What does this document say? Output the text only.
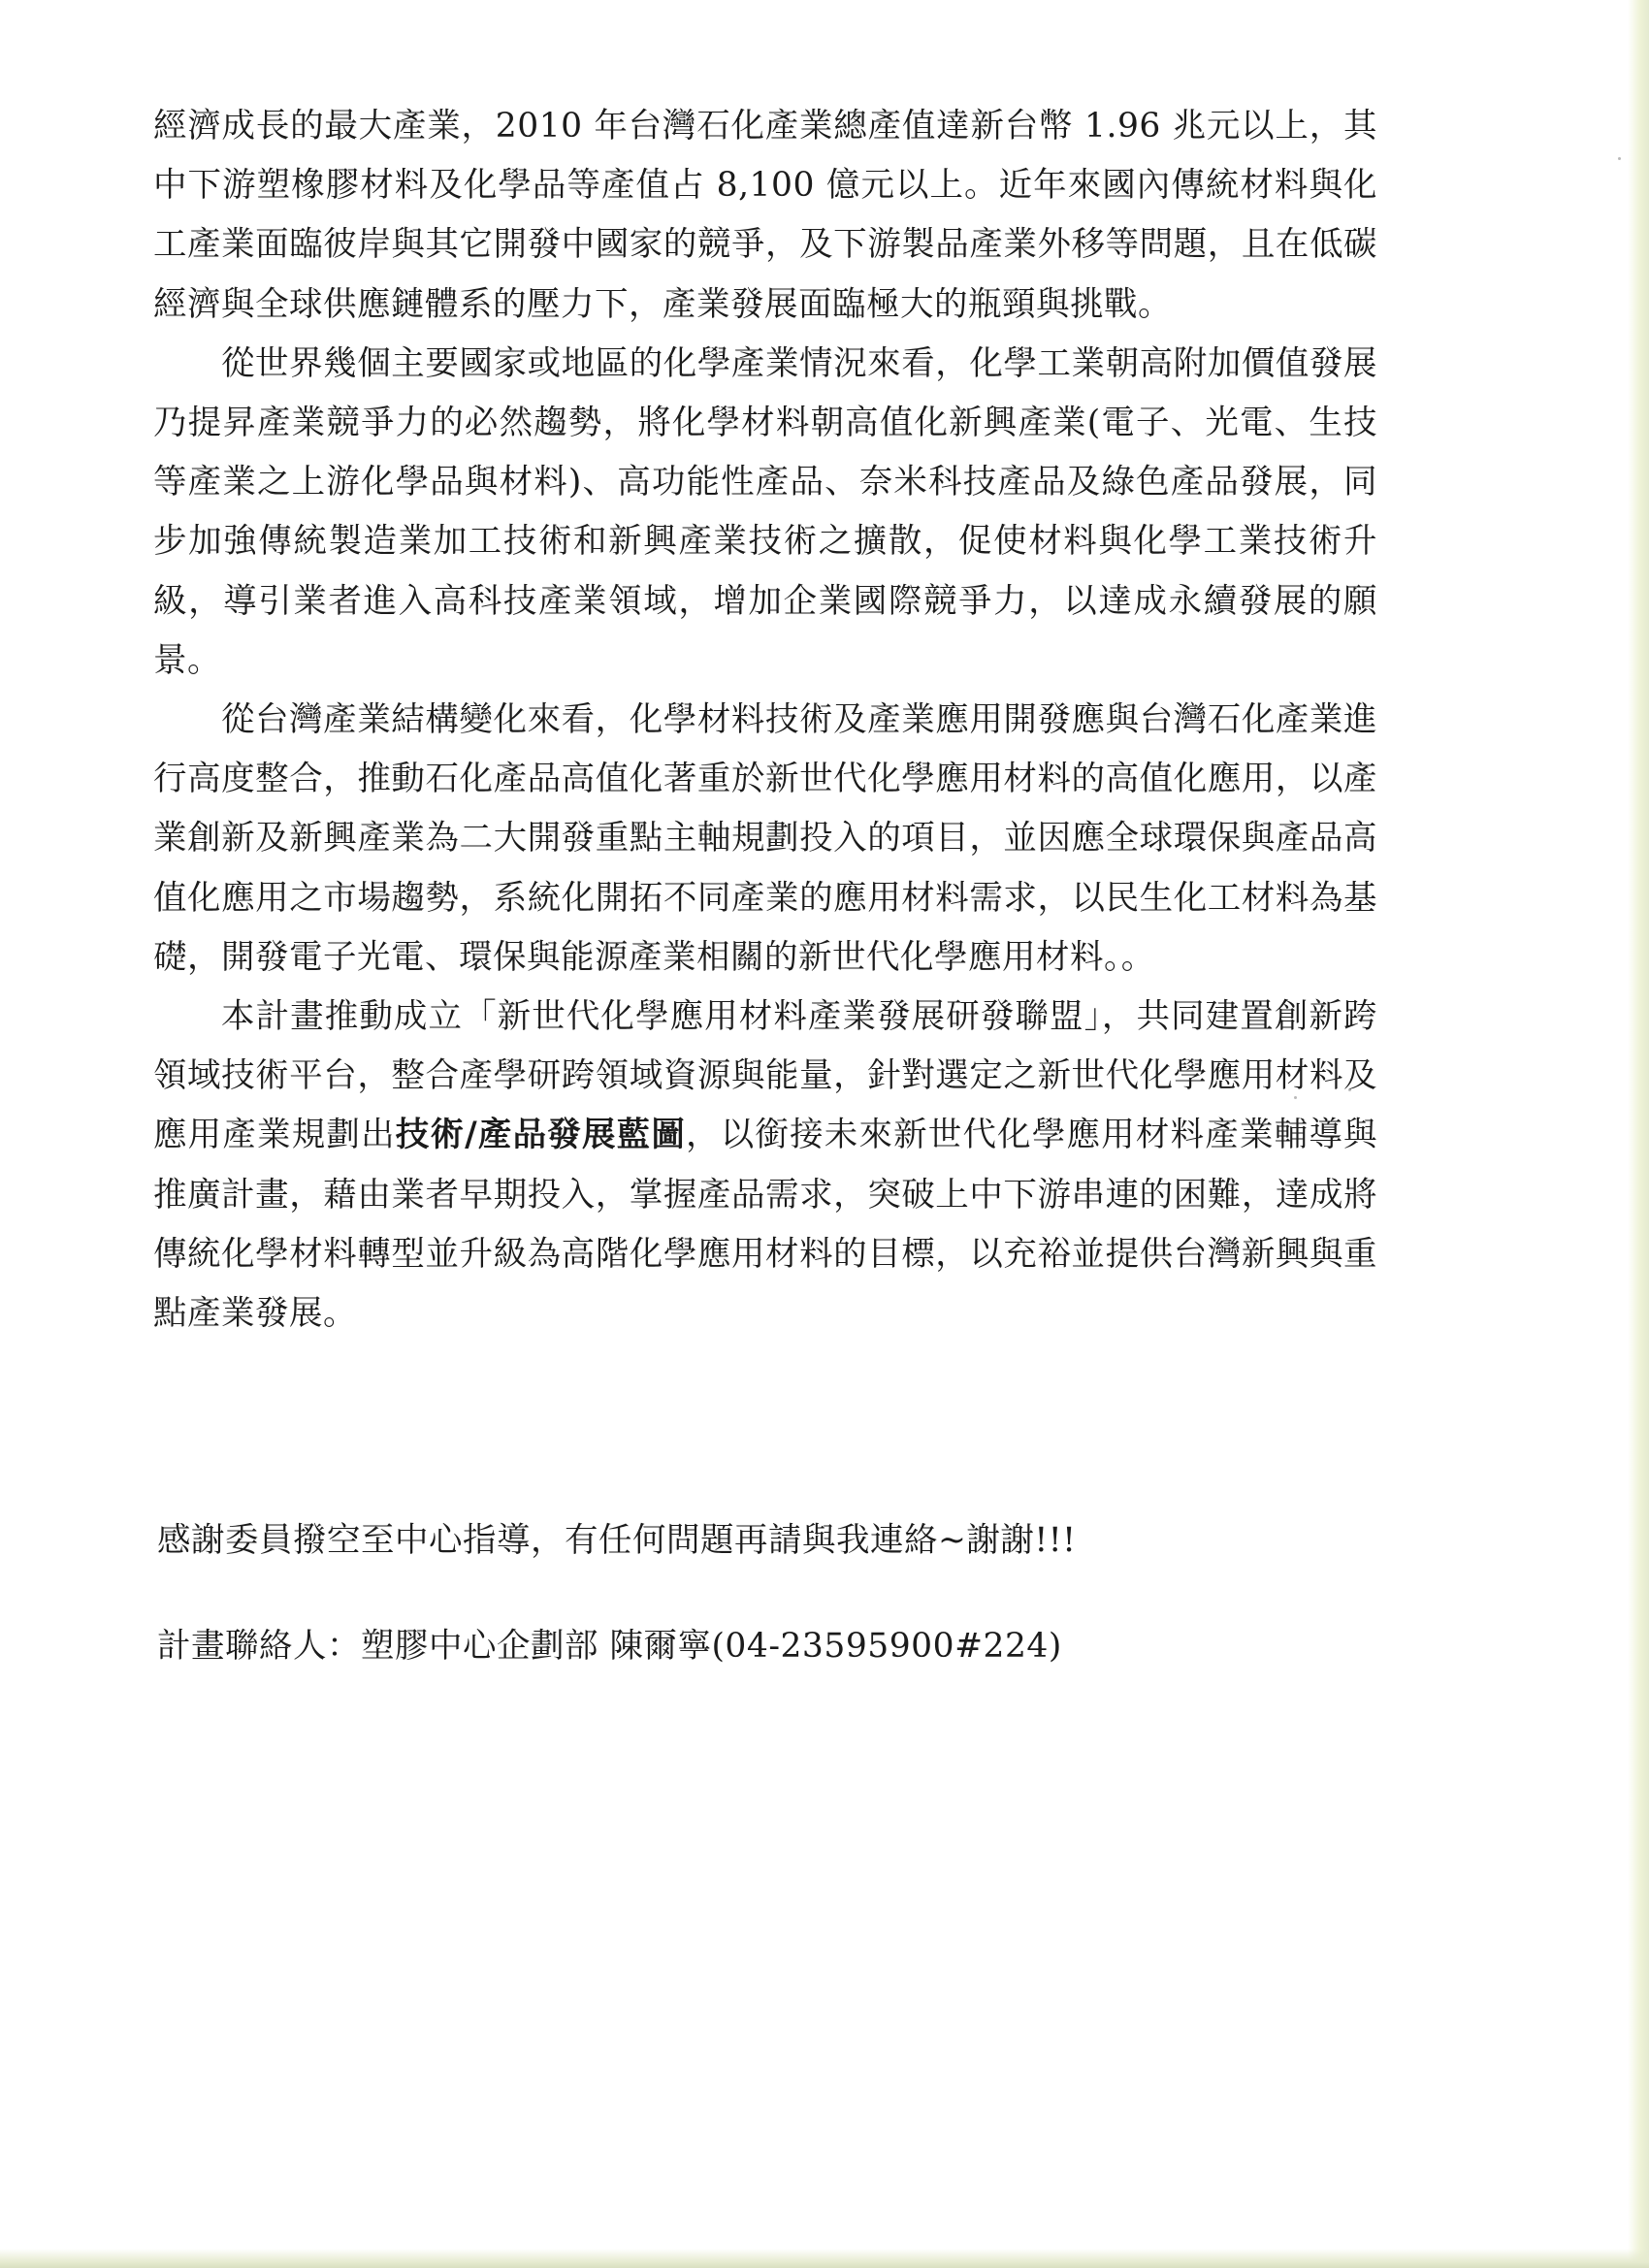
經濟成長的最大產業，2010 年台灣石化產業總產值達新台幣 1.96 兆元以上，其中下游塑橡膠材料及化學品等產值占 8,100 億元以上。近年來國內傳統材料與化工產業面臨彼岸與其它開發中國家的競爭，及下游製品產業外移等問題，且在低碳經濟與全球供應鏈體系的壓力下，產業發展面臨極大的瓶頸與挑戰。

從世界幾個主要國家或地區的化學產業情況來看，化學工業朝高附加價值發展乃提昇產業競爭力的必然趨勢，將化學材料朝高值化新興產業(電子、光電、生技等產業之上游化學品與材料)、高功能性產品、奈米科技產品及綠色產品發展，同步加強傳統製造業加工技術和新興產業技術之擴散，促使材料與化學工業技術升級，導引業者進入高科技產業領域，增加企業國際競爭力，以達成永續發展的願景。

從台灣產業結構變化來看，化學材料技術及產業應用開發應與台灣石化產業進行高度整合，推動石化產品高值化著重於新世代化學應用材料的高值化應用，以產業創新及新興產業為二大開發重點主軸規劃投入的項目，並因應全球環保與產品高值化應用之市場趨勢，系統化開拓不同產業的應用材料需求，以民生化工材料為基礎，開發電子光電、環保與能源產業相關的新世代化學應用材料。。

本計畫推動成立「新世代化學應用材料產業發展研發聯盟」，共同建置創新跨領域技術平台，整合產學研跨領域資源與能量，針對選定之新世代化學應用材料及應用產業規劃出技術/產品發展藍圖，以銜接未來新世代化學應用材料產業輔導與推廣計畫，藉由業者早期投入，掌握產品需求，突破上中下游串連的困難，達成將傳統化學材料轉型並升級為高階化學應用材料的目標，以充裕並提供台灣新興與重點產業發展。

感謝委員撥空至中心指導，有任何問題再請與我連絡~謝謝!!!

計畫聯絡人：塑膠中心企劃部 陳爾寧(04-23595900#224)
